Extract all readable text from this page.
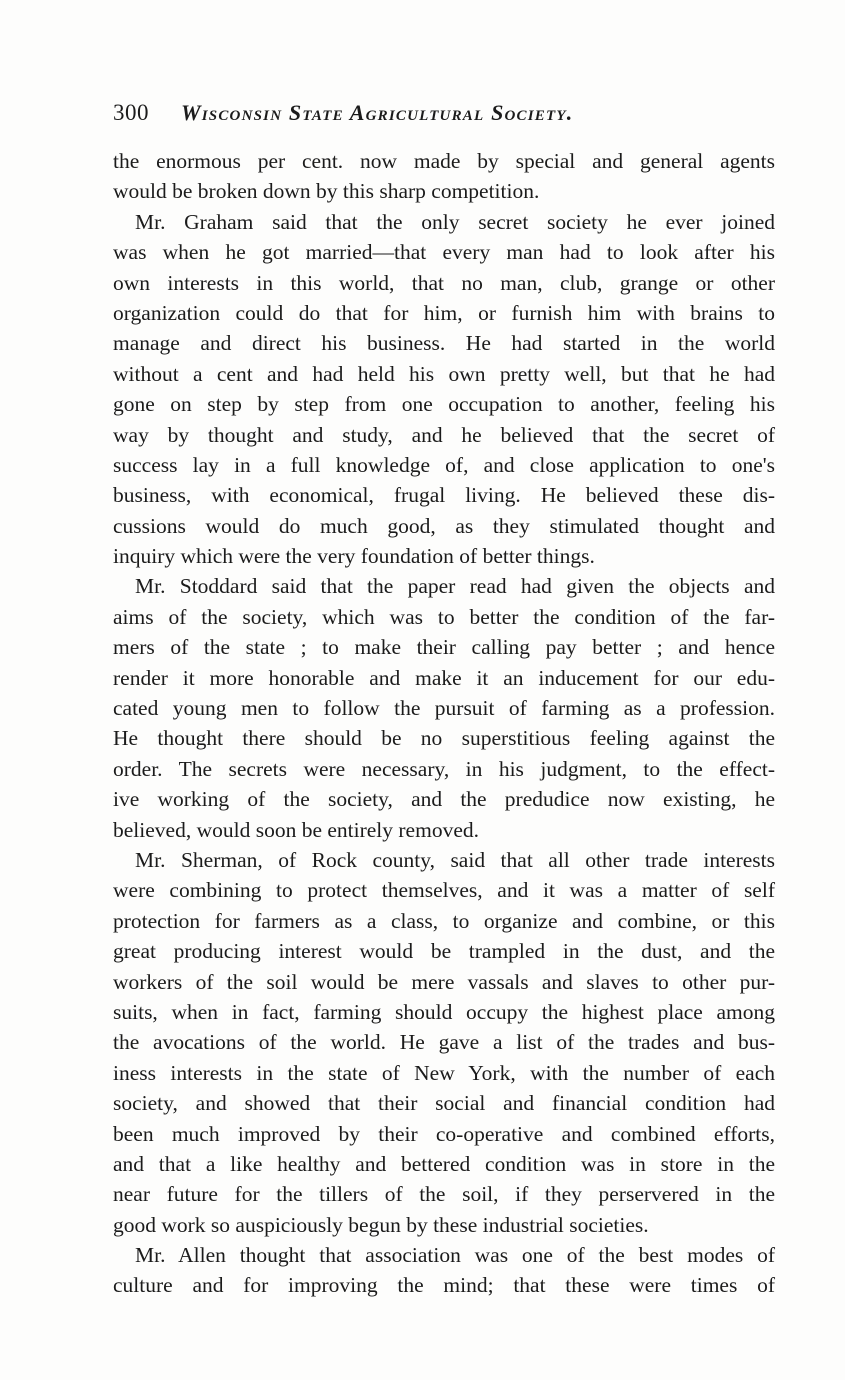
300 Wisconsin State Agricultural Society.
the enormous per cent. now made by special and general agents
would be broken down by this sharp competition.
Mr. Graham said that the only secret society he ever joined
was when he got married—that every man had to look after his
own interests in this world, that no man, club, grange or other
organization could do that for him, or furnish him with brains to
manage and direct his business. He had started in the world
without a cent and had held his own pretty well, but that he had
gone on step by step from one occupation to another, feeling his
way by thought and study, and he believed that the secret of
success lay in a full knowledge of, and close application to one's
business, with economical, frugal living. He believed these dis-
cussions would do much good, as they stimulated thought and
inquiry which were the very foundation of better things.
Mr. Stoddard said that the paper read had given the objects and
aims of the society, which was to better the condition of the far-
mers of the state ; to make their calling pay better ; and hence
render it more honorable and make it an inducement for our edu-
cated young men to follow the pursuit of farming as a profession.
He thought there should be no superstitious feeling against the
order. The secrets were necessary, in his judgment, to the effect-
ive working of the society, and the predudice now existing, he
believed, would soon be entirely removed.
Mr. Sherman, of Rock county, said that all other trade interests
were combining to protect themselves, and it was a matter of self
protection for farmers as a class, to organize and combine, or this
great producing interest would be trampled in the dust, and the
workers of the soil would be mere vassals and slaves to other pur-
suits, when in fact, farming should occupy the highest place among
the avocations of the world. He gave a list of the trades and bus-
iness interests in the state of New York, with the number of each
society, and showed that their social and financial condition had
been much improved by their co-operative and combined efforts,
and that a like healthy and bettered condition was in store in the
near future for the tillers of the soil, if they perservered in the
good work so auspiciously begun by these industrial societies.
Mr. Allen thought that association was one of the best modes of
culture and for improving the mind; that these were times of
